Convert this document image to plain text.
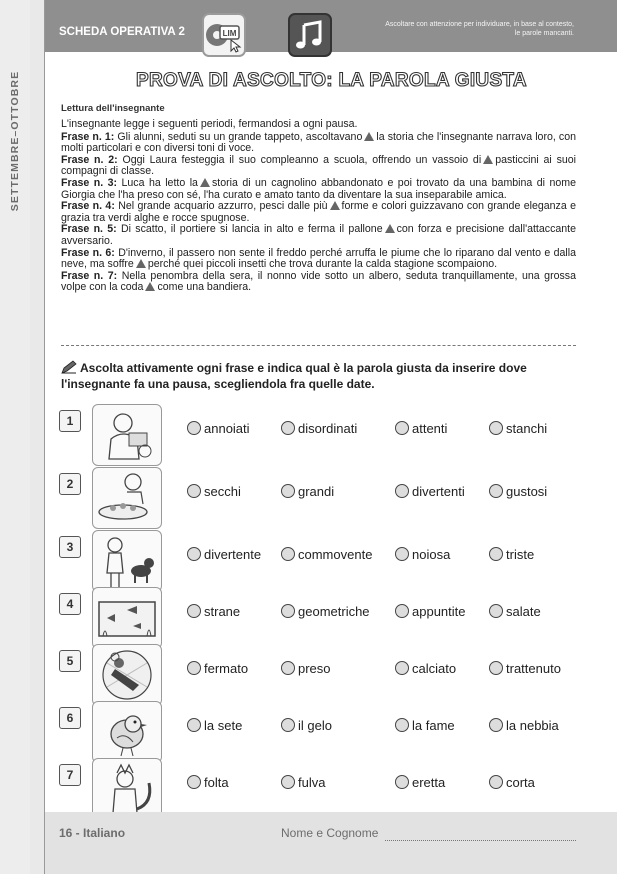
SETTEMBRE–OTTOBRE
SCHEDA OPERATIVA 2	LIM
Ascoltare con attenzione per individuare, in base al contesto,
le parole mancanti.
PROVA DI ASCOLTO: LA PAROLA GIUSTA
Lettura dell'insegnante

L'insegnante legge i seguenti periodi, fermandosi a ogni pausa.

Frase n. 1: Gli alunni, seduti su un grande tappeto, ascoltavano la storia che l'insegnante narrava loro, con molti particolari e con diversi toni di voce.

Frase n. 2: Oggi Laura festeggia il suo compleanno a scuola, offrendo un vassoio di pasticcini ai suoi compagni di classe.

Frase n. 3: Luca ha letto la storia di un cagnolino abbandonato e poi trovato da una bambina di nome Giorgia che l'ha preso con sé, l'ha curato e amato tanto da diventare la sua inseparabile amica.

Frase n. 4: Nel grande acquario azzurro, pesci dalle più forme e colori guizzavano con grande eleganza e grazia tra verdi alghe e rocce spugnose.

Frase n. 5: Di scatto, il portiere si lancia in alto e ferma il pallone con forza e precisione dall'attaccante avversario.

Frase n. 6: D'inverno, il passero non sente il freddo perché arruffa le piume che lo riparano dal vento e dalla neve, ma soffre perché quei piccoli insetti che trova durante la calda stagione scompaiono.

Frase n. 7: Nella penombra della sera, il nonno vide sotto un albero, seduta tranquillamente, una grossa volpe con la coda come una bandiera.

Ascolta attivamente ogni frase e indica qual è la parola giusta da inserire dove l'insegnante fa una pausa, scegliendola fra quelle date.
1	annoiati	disordinati	attenti	stanchi
2	secchi	grandi	divertenti	gustosi
3	divertente	commovente	noiosa	triste
4	strane	geometriche	appuntite	salate
5	fermato	preso	calciato	trattenuto
6	la sete	il gelo	la fame	la nebbia
7	folta	fulva	eretta	corta
16 - Italiano	Nome e Cognome
